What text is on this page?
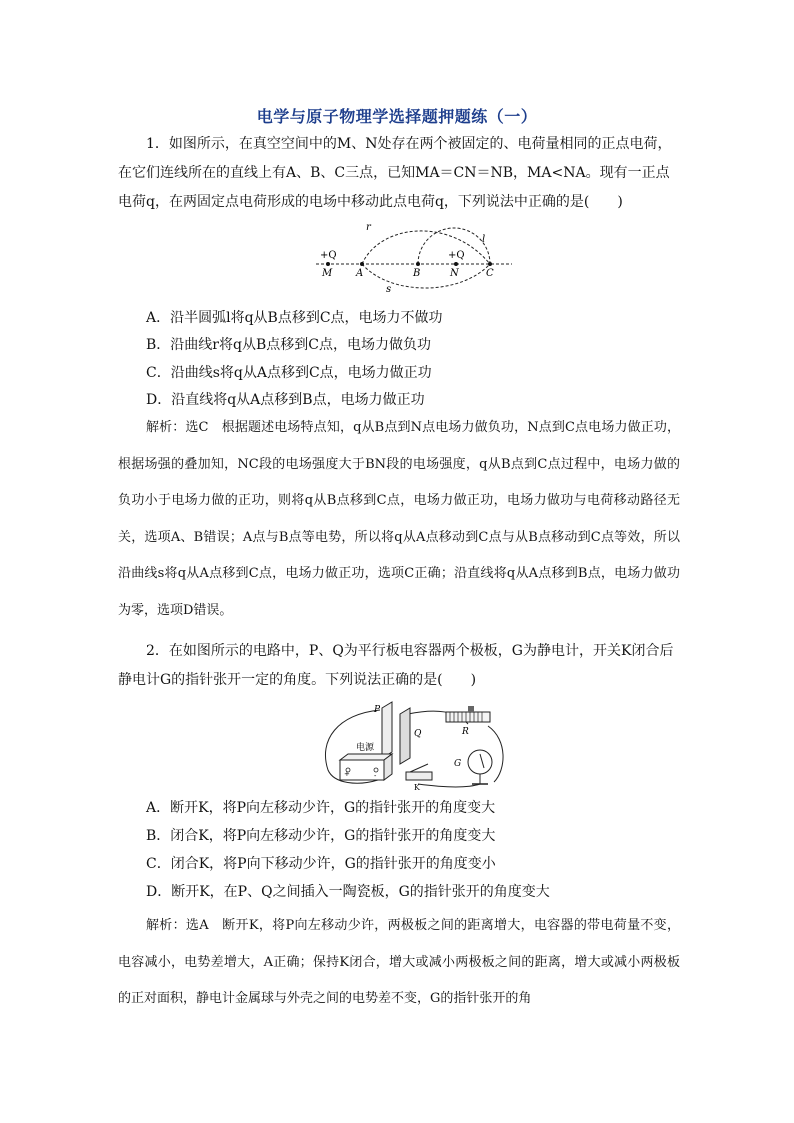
电学与原子物理学选择题押题练（一）

1．如图所示，在真空空间中的M、N处存在两个被固定的、电荷量相同的正点电荷，在它们连线所在的直线上有A、B、C三点，已知MA＝CN＝NB，MA<NA。现有一正点电荷q，在两固定点电荷形成的电场中移动此点电荷q，下列说法中正确的是(　　)

+Q	+Q
M A	B	N	C
r
l
s
A．沿半圆弧l将q从B点移到C点，电场力不做功
B．沿曲线r将q从B点移到C点，电场力做负功
C．沿曲线s将q从A点移到C点，电场力做正功
D．沿直线将q从A点移到B点，电场力做正功

解析：选C　根据题述电场特点知，q从B点到N点电场力做负功，N点到C点电场力做正功，根据场强的叠加知，NC段的电场强度大于BN段的电场强度，q从B点到C点过程中，电场力做的负功小于电场力做的正功，则将q从B点移到C点，电场力做正功，电场力做功与电荷移动路径无关，选项A、B错误；A点与B点等电势，所以将q从A点移动到C点与从B点移动到C点等效，所以沿曲线s将q从A点移到C点，电场力做正功，选项C正确；沿直线将q从A点移到B点，电场力做功为零，选项D错误。

2．在如图所示的电路中，P、Q为平行板电容器两个极板，G为静电计，开关K闭合后静电计G的指针张开一定的角度。下列说法正确的是(　　)

P
Q	R
G
K
电源
+	-
A．断开K，将P向左移动少许，G的指针张开的角度变大
B．闭合K，将P向左移动少许，G的指针张开的角度变大
C．闭合K，将P向下移动少许，G的指针张开的角度变小
D．断开K，在P、Q之间插入一陶瓷板，G的指针张开的角度变大

解析：选A　断开K，将P向左移动少许，两极板之间的距离增大，电容器的带电荷量不变，电容减小，电势差增大，A正确；保持K闭合，增大或减小两极板之间的距离，增大或减小两极板的正对面积，静电计金属球与外壳之间的电势差不变，G的指针张开的角
